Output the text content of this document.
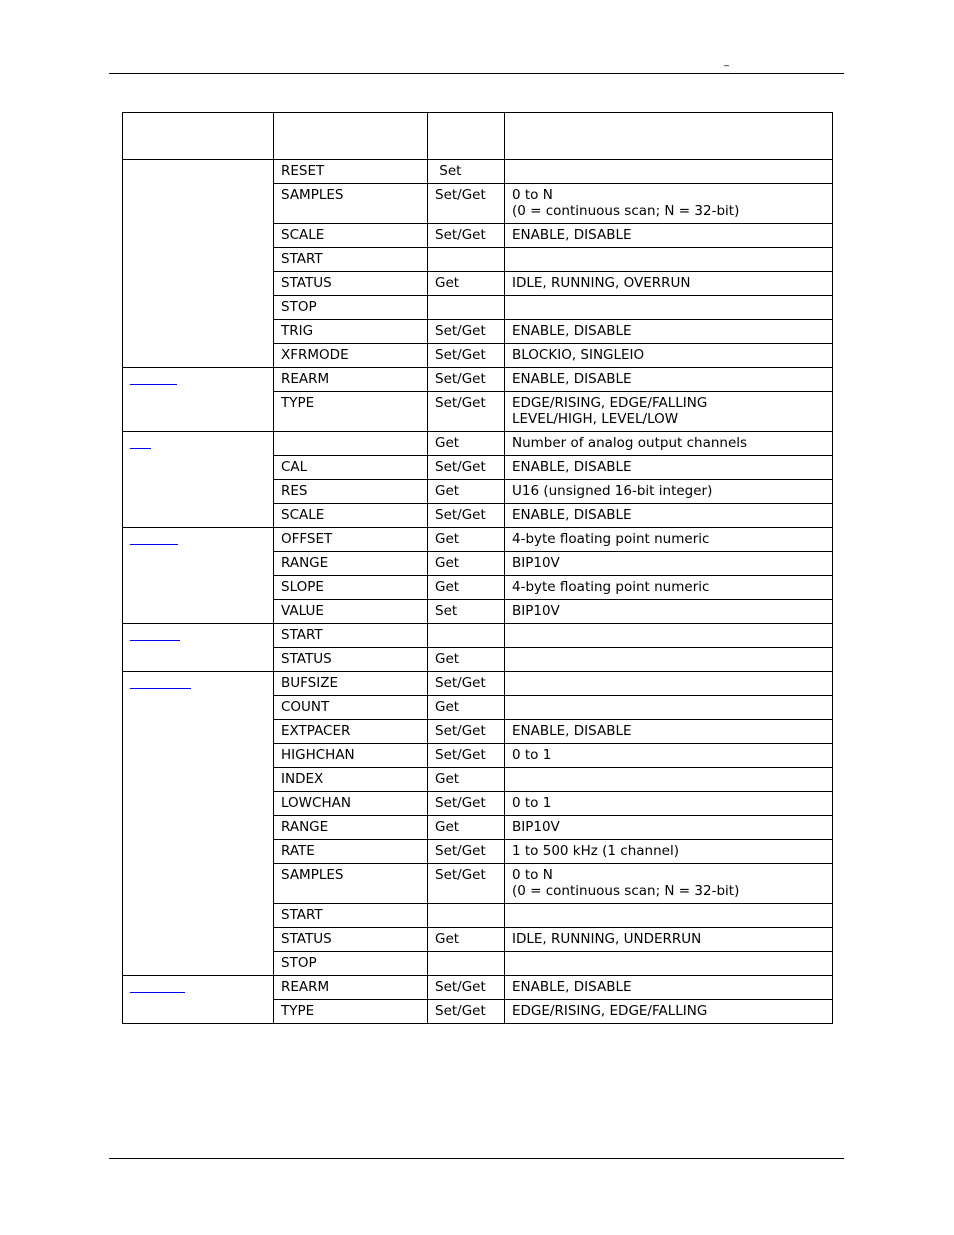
_

	RESET	Set	
	SAMPLES	Set/Get	0 to N
(0 = continuous scan; N = 32-bit)
	SCALE	Set/Get	ENABLE, DISABLE
	START		
	STATUS	Get	IDLE, RUNNING, OVERRUN
	STOP		
	TRIG	Set/Get	ENABLE, DISABLE
	XFRMODE	Set/Get	BLOCKIO, SINGLEIO
	REARM	Set/Get	ENABLE, DISABLE
	TYPE	Set/Get	EDGE/RISING, EDGE/FALLING
LEVEL/HIGH, LEVEL/LOW
		Get	Number of analog output channels
	CAL	Set/Get	ENABLE, DISABLE
	RES	Get	U16 (unsigned 16-bit integer)
	SCALE	Set/Get	ENABLE, DISABLE
	OFFSET	Get	4-byte floating point numeric
	RANGE	Get	BIP10V
	SLOPE	Get	4-byte floating point numeric
	VALUE	Set	BIP10V
	START		
	STATUS	Get	
	BUFSIZE	Set/Get	
	COUNT	Get	
	EXTPACER	Set/Get	ENABLE, DISABLE
	HIGHCHAN	Set/Get	0 to 1
	INDEX	Get	
	LOWCHAN	Set/Get	0 to 1
	RANGE	Get	BIP10V
	RATE	Set/Get	1 to 500 kHz (1 channel)
	SAMPLES	Set/Get	0 to N
(0 = continuous scan; N = 32-bit)
	START		
	STATUS	Get	IDLE, RUNNING, UNDERRUN
	STOP		
	REARM	Set/Get	ENABLE, DISABLE
	TYPE	Set/Get	EDGE/RISING, EDGE/FALLING
